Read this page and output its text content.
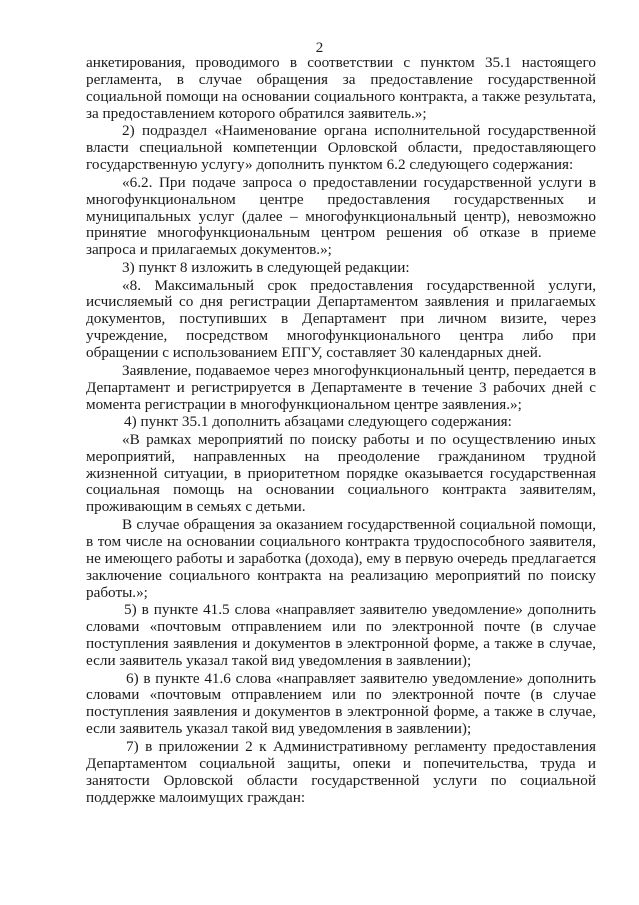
2

анкетирования, проводимого в соответствии с пунктом 35.1 настоящего регламента, в случае обращения за предоставление государственной социальной помощи на основании социального контракта, а также результата, за предоставлением которого обратился заявитель.»;

2) подраздел «Наименование органа исполнительной государственной власти специальной компетенции Орловской области, предоставляющего государственную услугу» дополнить пунктом 6.2 следующего содержания:

«6.2. При подаче запроса о предоставлении государственной услуги в многофункциональном центре предоставления государственных и муниципальных услуг (далее – многофункциональный центр), невозможно принятие многофункциональным центром решения об отказе в приеме запроса и прилагаемых документов.»;

3) пункт 8 изложить в следующей редакции:

«8. Максимальный срок предоставления государственной услуги, исчисляемый со дня регистрации Департаментом заявления и прилагаемых документов, поступивших в Департамент при личном визите, через учреждение, посредством многофункционального центра либо при обращении с использованием ЕПГУ, составляет 30 календарных дней.

Заявление, подаваемое через многофункциональный центр, передается в Департамент и регистрируется в Департаменте в течение 3 рабочих дней с момента регистрации в многофункциональном центре заявления.»;

4) пункт 35.1 дополнить абзацами следующего содержания:

«В рамках мероприятий по поиску работы и по осуществлению иных мероприятий, направленных на преодоление гражданином трудной жизненной ситуации, в приоритетном порядке оказывается государственная социальная помощь на основании социального контракта заявителям, проживающим в семьях с детьми.

В случае обращения за оказанием государственной социальной помощи, в том числе на основании социального контракта трудоспособного заявителя, не имеющего работы и заработка (дохода), ему в первую очередь предлагается заключение социального контракта на реализацию мероприятий по поиску работы.»;

5) в пункте 41.5 слова «направляет заявителю уведомление» дополнить словами «почтовым отправлением или по электронной почте (в случае поступления заявления и документов в электронной форме, а также в случае, если заявитель указал такой вид уведомления в заявлении);

6) в пункте 41.6 слова «направляет заявителю уведомление» дополнить словами «почтовым отправлением или по электронной почте (в случае поступления заявления и документов в электронной форме, а также в случае, если заявитель указал такой вид уведомления в заявлении);

7) в приложении 2 к Административному регламенту предоставления Департаментом социальной защиты, опеки и попечительства, труда и занятости Орловской области государственной услуги по социальной поддержке малоимущих граждан:
